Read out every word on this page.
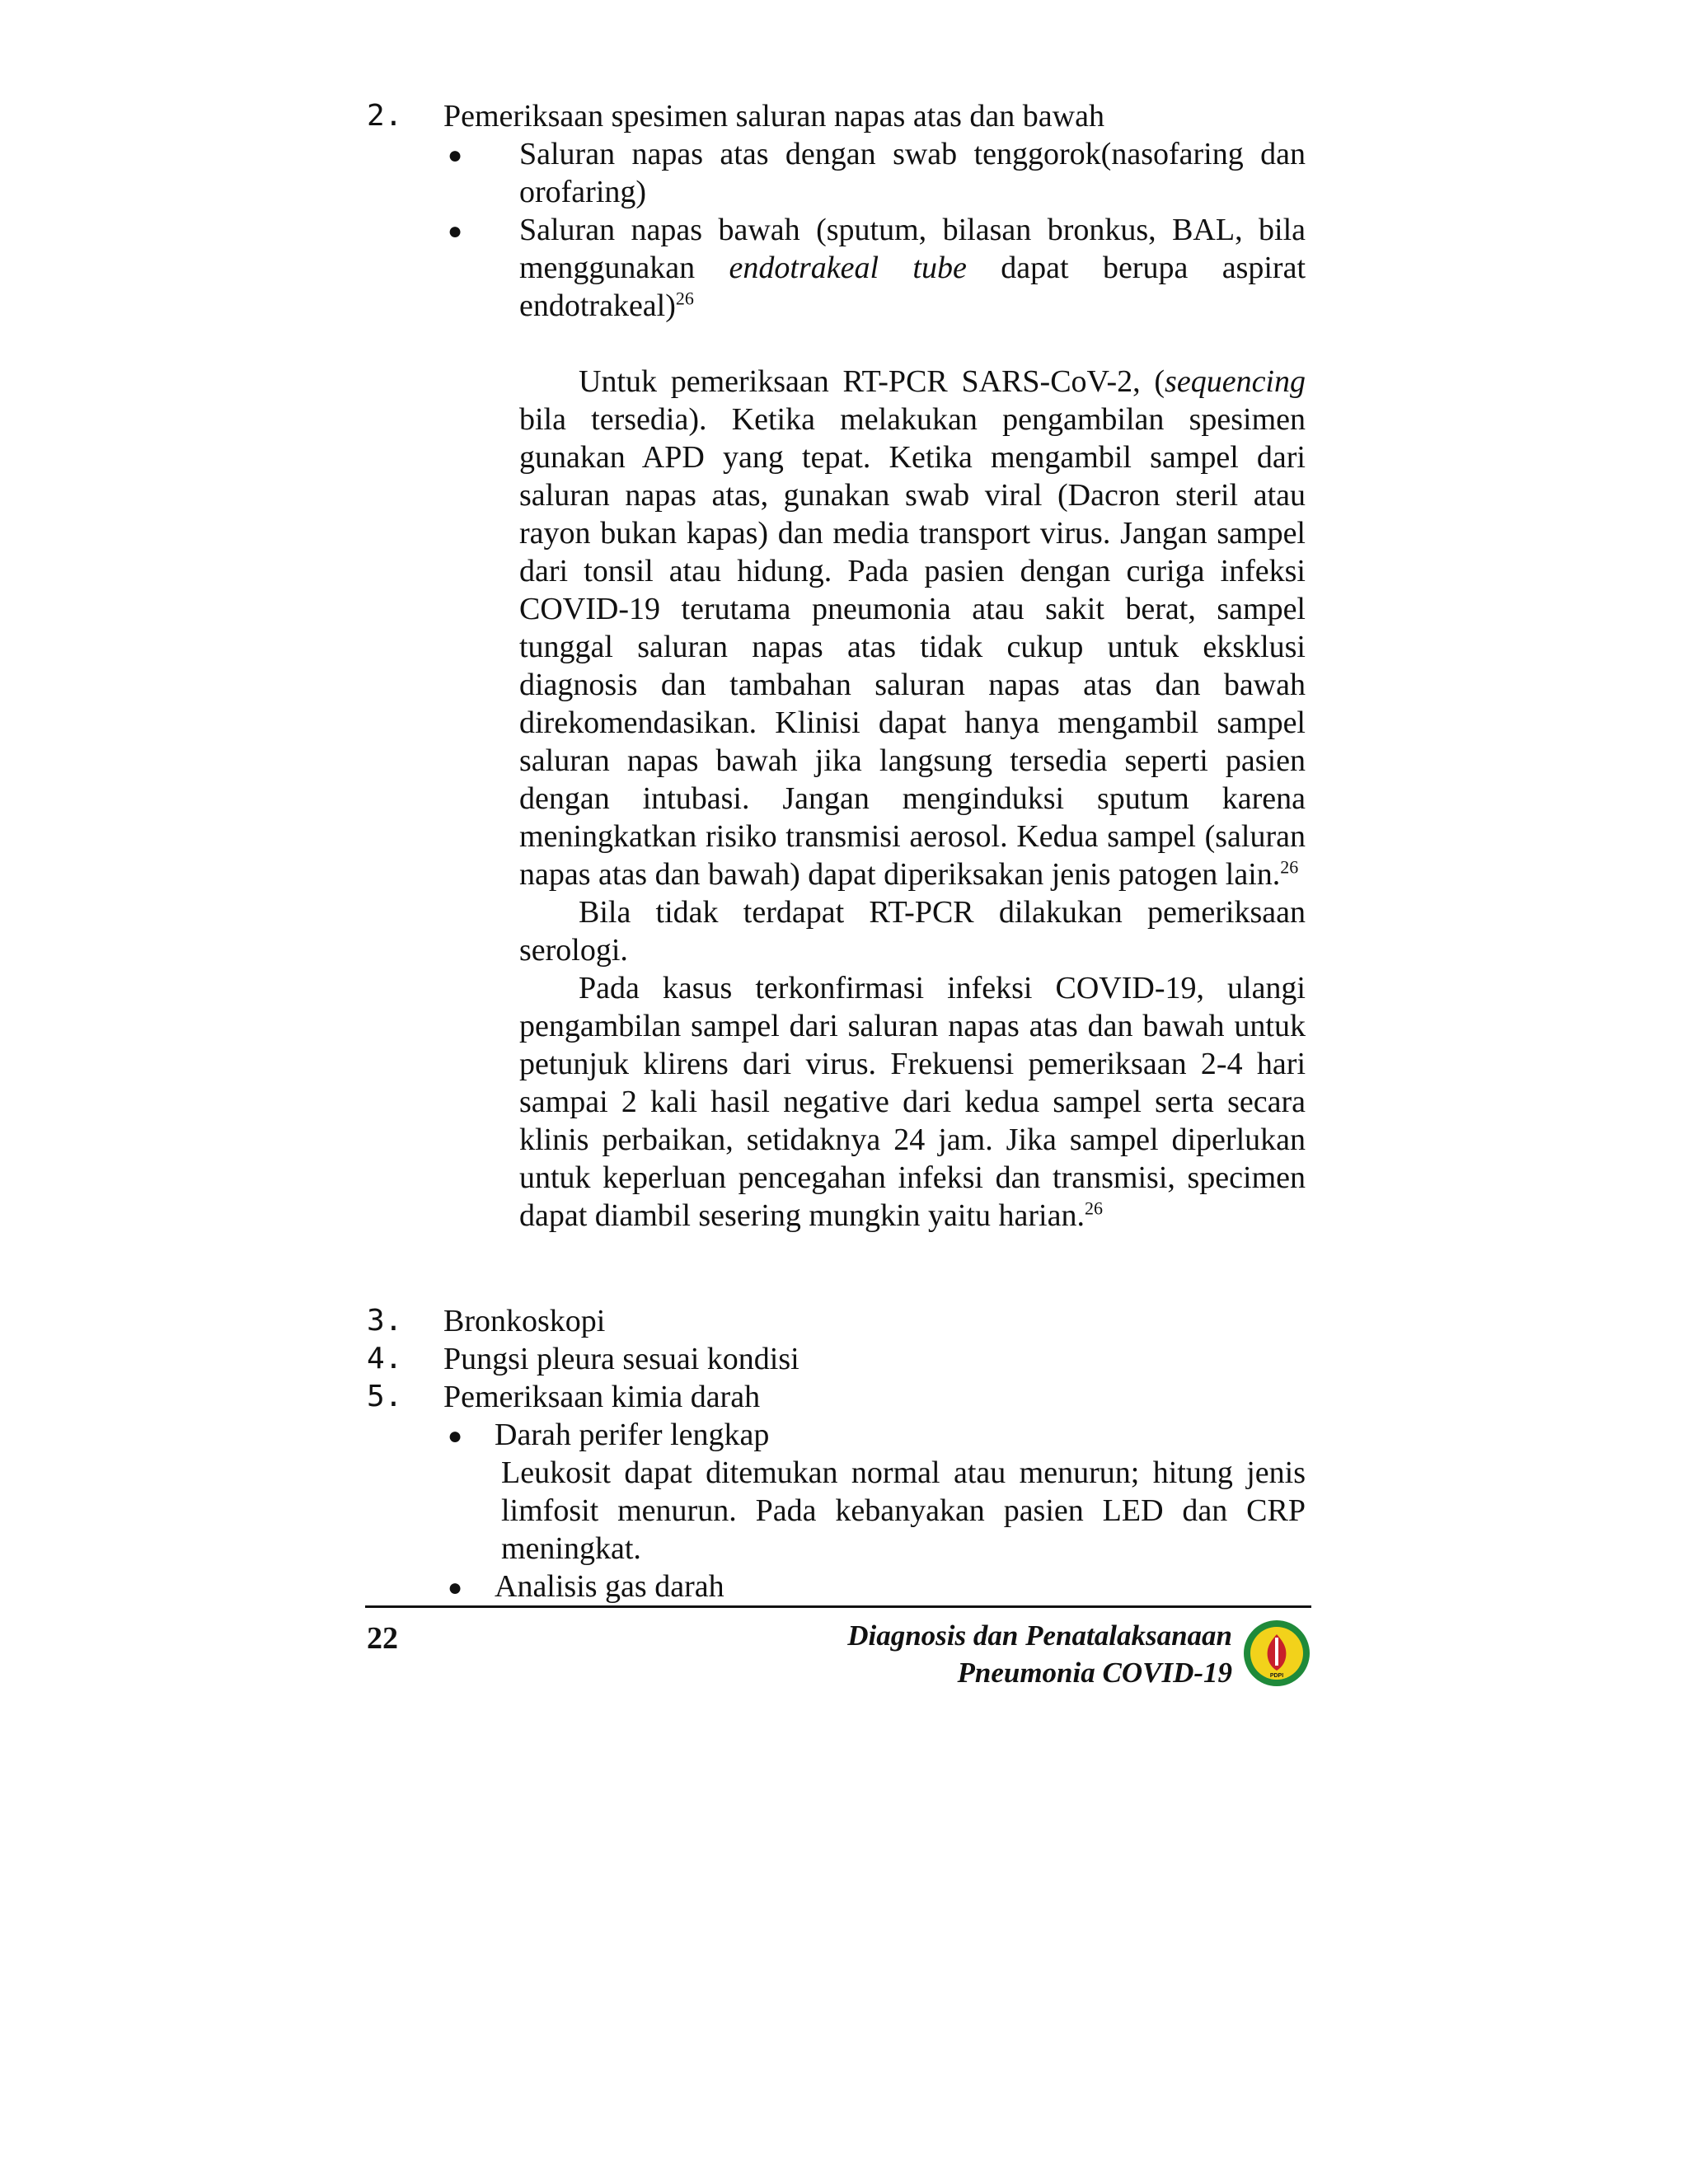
2.	Pemeriksaan spesimen saluran napas atas dan bawah
● Saluran napas atas dengan swab tenggorok(nasofaring dan orofaring)
● Saluran napas bawah (sputum, bilasan bronkus, BAL, bila menggunakan endotrakeal tube dapat berupa aspirat endotrakeal)$^{26}$

Untuk pemeriksaan RT-PCR SARS-CoV-2, (sequencing bila tersedia). Ketika melakukan pengambilan spesimen gunakan APD yang tepat. Ketika mengambil sampel dari saluran napas atas, gunakan swab viral (Dacron steril atau rayon bukan kapas) dan media transport virus. Jangan sampel dari tonsil atau hidung. Pada pasien dengan curiga infeksi COVID-19 terutama pneumonia atau sakit berat, sampel tunggal saluran napas atas tidak cukup untuk eksklusi diagnosis dan tambahan saluran napas atas dan bawah direkomendasikan. Klinisi dapat hanya mengambil sampel saluran napas bawah jika langsung tersedia seperti pasien dengan intubasi. Jangan menginduksi sputum karena meningkatkan risiko transmisi aerosol. Kedua sampel (saluran napas atas dan bawah) dapat diperiksakan jenis patogen lain.$^{26}$

Bila tidak terdapat RT-PCR dilakukan pemeriksaan serologi.

Pada kasus terkonfirmasi infeksi COVID-19, ulangi pengambilan sampel dari saluran napas atas dan bawah untuk petunjuk klirens dari virus. Frekuensi pemeriksaan 2-4 hari sampai 2 kali hasil negative dari kedua sampel serta secara klinis perbaikan, setidaknya 24 jam. Jika sampel diperlukan untuk keperluan pencegahan infeksi dan transmisi, specimen dapat diambil sesering mungkin yaitu harian.$^{26}$

3.	Bronkoskopi
4.	Pungsi pleura sesuai kondisi
5.	Pemeriksaan kimia darah
● Darah perifer lengkap
Leukosit dapat ditemukan normal atau menurun; hitung jenis limfosit menurun. Pada kebanyakan pasien LED dan CRP meningkat.
● Analisis gas darah
22	Diagnosis dan Penatalaksanaan
Pneumonia COVID-19	PDPI
